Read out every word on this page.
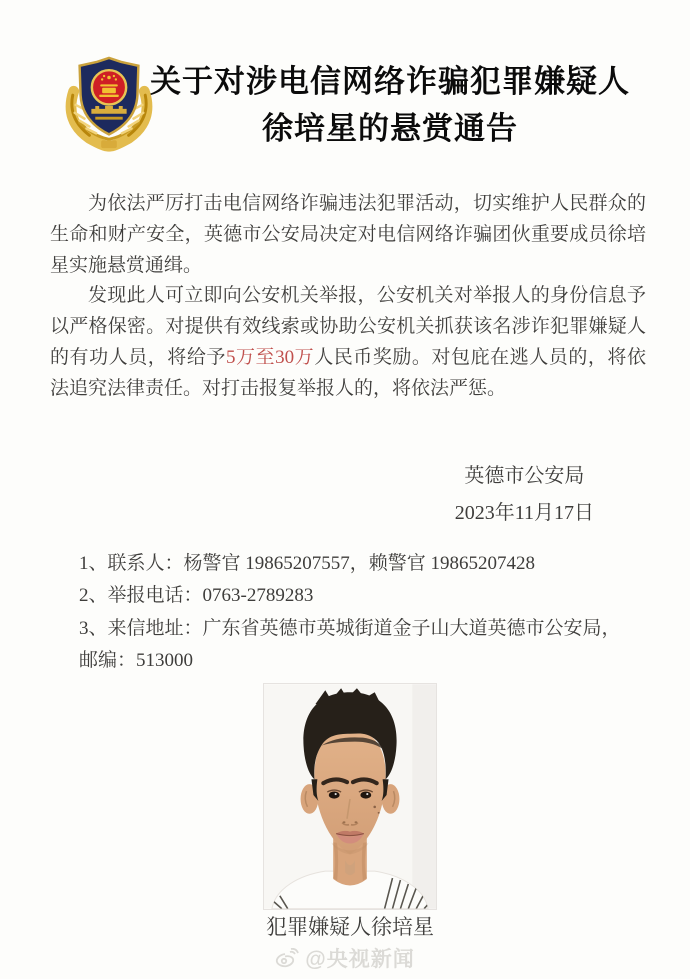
关于对涉电信网络诈骗犯罪嫌疑人
徐培星的悬赏通告

为依法严厉打击电信网络诈骗违法犯罪活动，切实维护人民群众的生命和财产安全，英德市公安局决定对电信网络诈骗团伙重要成员徐培星实施悬赏通缉。

发现此人可立即向公安机关举报，公安机关对举报人的身份信息予以严格保密。对提供有效线索或协助公安机关抓获该名涉诈犯罪嫌疑人的有功人员，将给予5万至30万人民币奖励。对包庇在逃人员的，将依法追究法律责任。对打击报复举报人的，将依法严惩。

英德市公安局
2023年11月17日
1、联系人：杨警官 19865207557，赖警官 19865207428
2、举报电话：0763-2789283
3、来信地址：广东省英德市英城街道金子山大道英德市公安局，
邮编：513000
犯罪嫌疑人徐培星
@央视新闻
